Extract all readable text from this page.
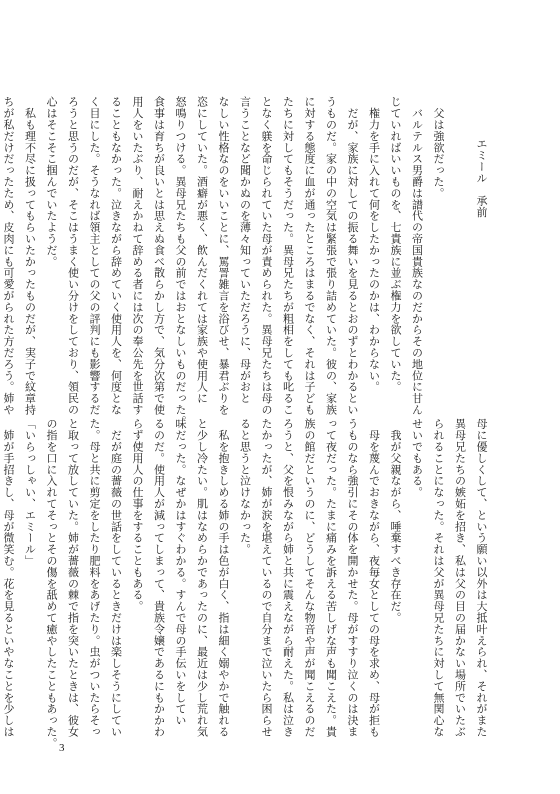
エミール　承前
　父は強欲だった。
　バルテルス男爵は譜代の帝国貴族なのだからその地位に甘ん
じていればいいものを、七貴族に並ぶ権力を欲していた。
　権力を手に入れて何をしたかったのかは、わからない。
　だが、家族に対しての振る舞いを見るとおのずとわかるとい
うものだ。家の中の空気は緊張で張り詰めていた。彼の、家族
に対する態度に血が通ったところはまるでなく、それは子ども
たちに対してもそうだった。異母兄たちが粗相をしても叱るこ
となく躾を命じられていた母が責められた。異母兄たちは母の
言うことなど聞かぬのを薄々知っていただろうに、母がおと
なしい性格なのをいいことに、罵詈雑言を浴びせ、暴君ぶりを
恣にしていた。酒癖が悪く、飲んだくれては家族や使用人に
怒鳴りつける。異母兄たちも父の前ではおとなしいものだった。
食事は育ちが良いとは思えぬ食べ散らかし方で、気分次第で使
用人をいたぶり、耐えかねて辞める者には次の奉公先を世話す
ることもなかった。泣きながら辞めていく使用人を、何度とな
く目にした。そうなれば領主としての父の評判にも影響するだ
ろうと思うのだが、そこはうまく使い分けをしており、領民の
心はそこそこ掴んでいたようだ。
　私も理不尽に扱ってもらいたかったものだが、実子で紋章持
ちが私だけだったため、皮肉にも可愛がられた方だろう。姉や
母に優しくして、という願い以外は大抵叶えられ、それがまた
異母兄たちの嫉妬を招き、私は父の目の届かない場所でいたぶ
られることになった。それは父が異母兄たちに対して無関心な
せいでもある。
　我が父親ながら、唾棄すべき存在だ。
　母を蔑んでおきながら、夜毎女としての母を求め、母が拒も
うものなら強引にその体を開かせた。母がすすり泣くのは決ま
って夜だった。たまに痛みを訴える苦しげな声も聞こえた。貴
族の館だというのに、どうしてそんな物音や声が聞こえるのだ
ろうと、父を恨みながら姉と共に震えながら耐えた。私は泣き
たかったが、姉が涙を堪えているので自分まで泣いたら困らせ
ると思うと泣けなかった。
　私を抱きしめる姉の手は色が白く、指は細く嫋やかで触れる
と少し冷たい。肌はなめらかであったのに、最近は少し荒れ気
味だった。なぜかはすぐわかる。すんで母の手伝いをしてい
るのだ。使用人が減ってしまって、貴族令嬢であるにもかかわ
らず使用人の仕事をすることもある。
　だが庭の薔薇の世話をしているときだけは楽しそうにしてい
た。母と共に剪定をしたり肥料をあげたり。虫がついたらそっ
と取って放していた。姉が薔薇の棘で指を突いたときは、彼女
の指を口に入れてそっとその傷を舐めて癒やしたこともあった。
「いらっしゃい、エミール」
　姉が手招きし、母が微笑む。花を見るといやなことを少しは
3
